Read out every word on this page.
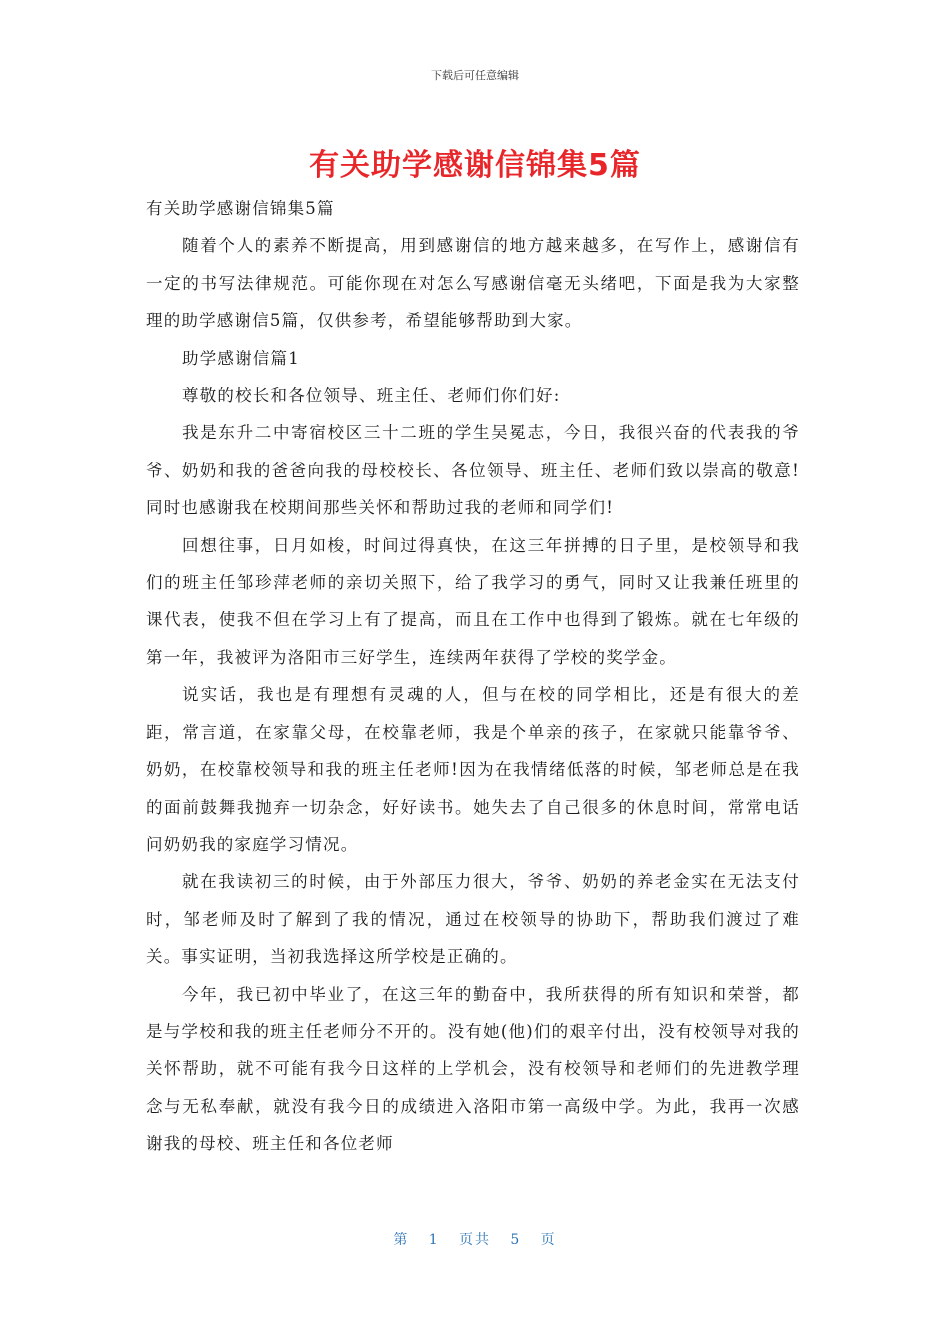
下载后可任意编辑
有关助学感谢信锦集5篇

有关助学感谢信锦集5篇

随着个人的素养不断提高，用到感谢信的地方越来越多，在写作上，感谢信有一定的书写法律规范。可能你现在对怎么写感谢信毫无头绪吧，下面是我为大家整理的助学感谢信5篇，仅供参考，希望能够帮助到大家。

助学感谢信篇1

尊敬的校长和各位领导、班主任、老师们你们好:

我是东升二中寄宿校区三十二班的学生吴冕志，今日，我很兴奋的代表我的爷爷、奶奶和我的爸爸向我的母校校长、各位领导、班主任、老师们致以崇高的敬意!同时也感谢我在校期间那些关怀和帮助过我的老师和同学们!

回想往事，日月如梭，时间过得真快，在这三年拼搏的日子里，是校领导和我们的班主任邹珍萍老师的亲切关照下，给了我学习的勇气，同时又让我兼任班里的课代表，使我不但在学习上有了提高，而且在工作中也得到了锻炼。就在七年级的第一年，我被评为洛阳市三好学生，连续两年获得了学校的奖学金。

说实话，我也是有理想有灵魂的人，但与在校的同学相比，还是有很大的差距，常言道，在家靠父母，在校靠老师，我是个单亲的孩子，在家就只能靠爷爷、奶奶，在校靠校领导和我的班主任老师!因为在我情绪低落的时候，邹老师总是在我的面前鼓舞我抛弃一切杂念，好好读书。她失去了自己很多的休息时间，常常电话问奶奶我的家庭学习情况。

就在我读初三的时候，由于外部压力很大，爷爷、奶奶的养老金实在无法支付时，邹老师及时了解到了我的情况，通过在校领导的协助下，帮助我们渡过了难关。事实证明，当初我选择这所学校是正确的。

今年，我已初中毕业了，在这三年的勤奋中，我所获得的所有知识和荣誉，都是与学校和我的班主任老师分不开的。没有她(他)们的艰辛付出，没有校领导对我的关怀帮助，就不可能有我今日这样的上学机会，没有校领导和老师们的先进教学理念与无私奉献，就没有我今日的成绩进入洛阳市第一高级中学。为此，我再一次感谢我的母校、班主任和各位老师

第 1 页共 5 页
